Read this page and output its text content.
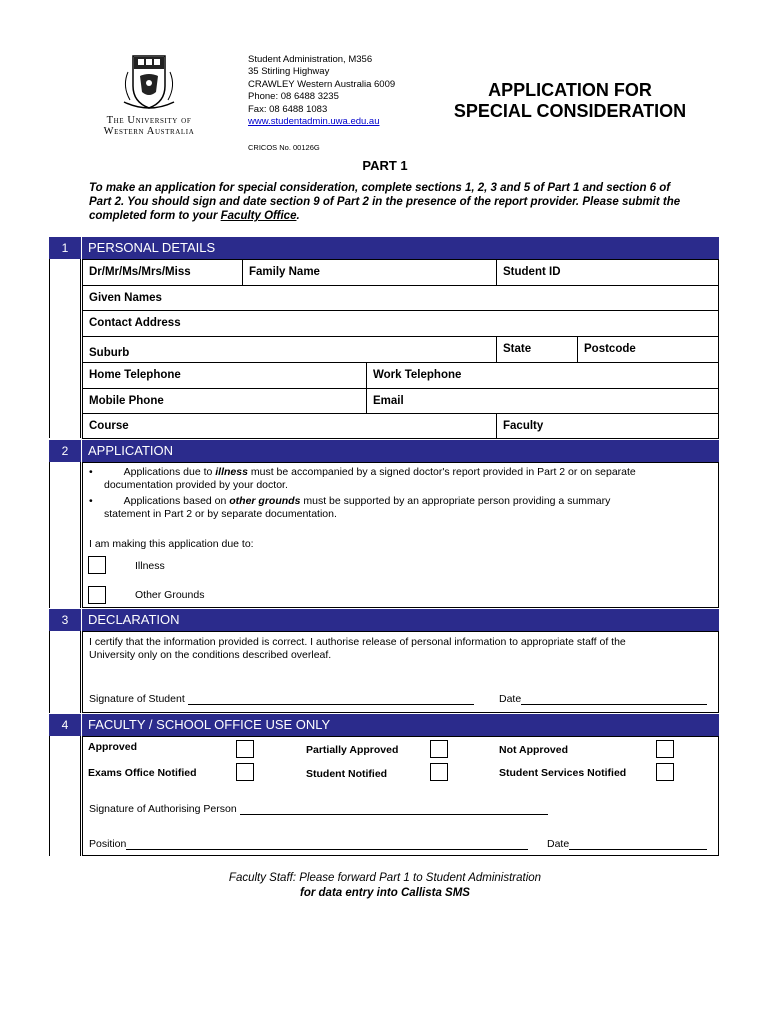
The University of
Western Australia
Student Administration, M356
35 Stirling Highway
CRAWLEY Western Australia 6009
Phone: 08 6488 3235
Fax: 08 6488 1083
www.studentadmin.uwa.edu.au
CRICOS No. 00126G
APPLICATION FOR
SPECIAL CONSIDERATION
PART 1
To make an application for special consideration, complete sections 1, 2, 3 and 5 of Part 1 and section 6 of Part 2. You should sign and date section 9 of Part 2 in the presence of the report provider. Please submit the completed form to your Faculty Office.
1	PERSONAL DETAILS
Dr/Mr/Ms/Mrs/Miss	Family Name	Student ID
Given Names
Contact Address
Suburb	State	Postcode
Home Telephone	Work Telephone
Mobile Phone	Email
Course	Faculty
2	APPLICATION
•	Applications due to illness must be accompanied by a signed doctor's report provided in Part 2 or on separate
documentation provided by your doctor.
•	Applications based on other grounds must be supported by an appropriate person providing a summary
statement in Part 2 or by separate documentation.
I am making this application due to:
Illness
Other Grounds
3	DECLARATION
I certify that the information provided is correct. I authorise release of personal information to appropriate staff of the
University only on the conditions described overleaf.
Signature of Student	Date
4	FACULTY / SCHOOL OFFICE USE ONLY
Approved	Partially Approved	Not Approved
Exams Office Notified	Student Notified	Student Services Notified
Signature of Authorising Person
Position	Date
Faculty Staff: Please forward Part 1 to Student Administration
for data entry into Callista SMS
